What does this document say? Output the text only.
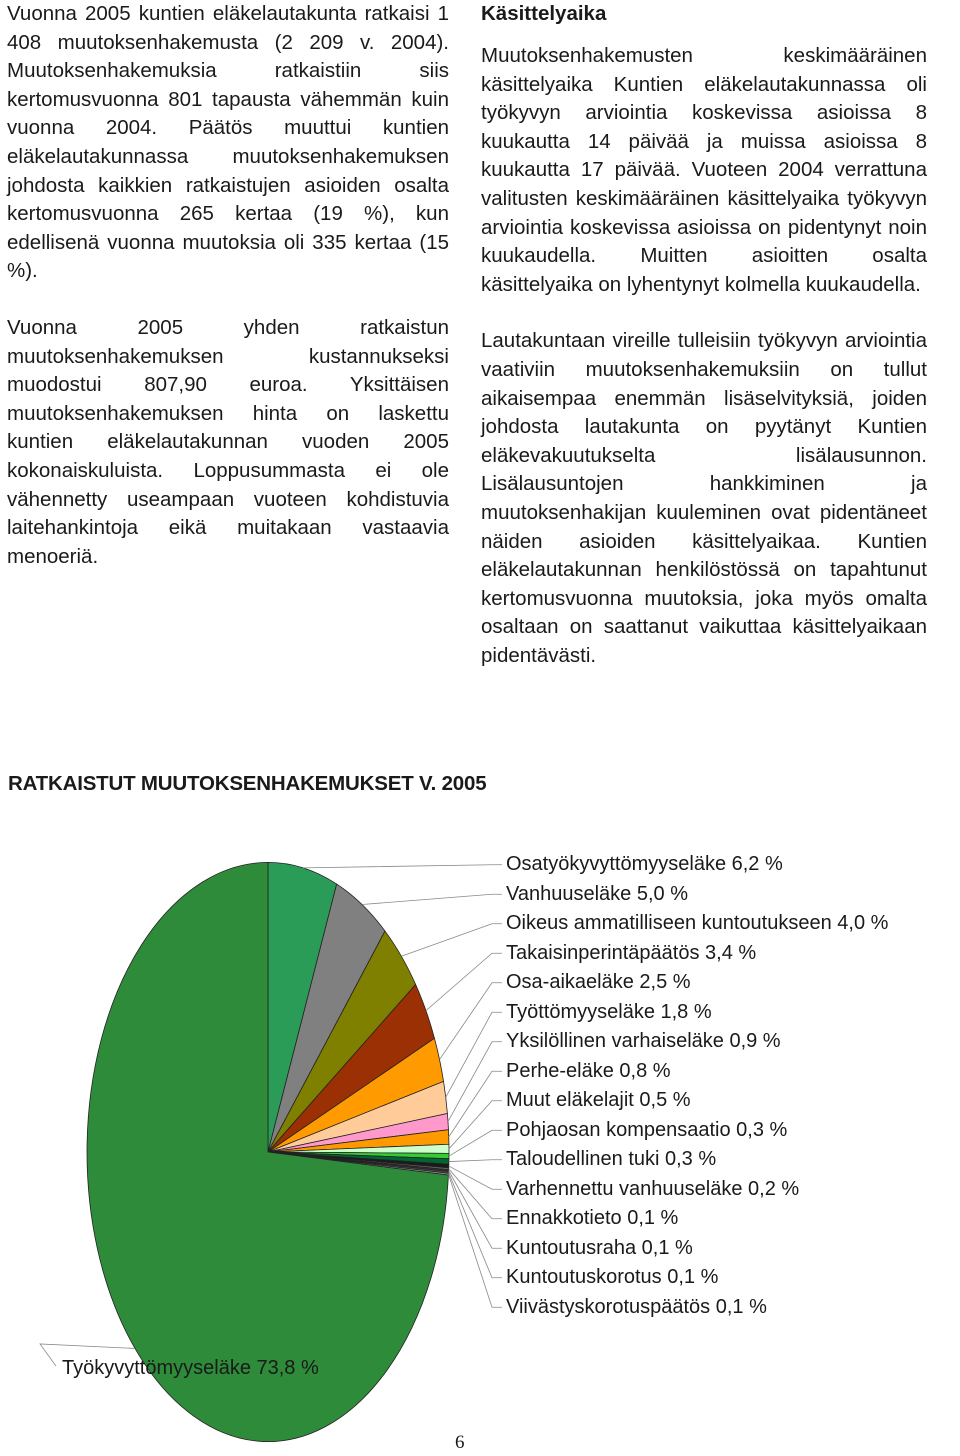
Vuonna 2005 kuntien eläkelautakunta ratkaisi 1 408 muutoksenhakemusta (2 209 v. 2004). Muutoksenhakemuksia ratkaistiin siis kertomusvuonna 801 tapausta vähemmän kuin vuonna 2004. Päätös muuttui kuntien eläkelautakunnassa muutoksenhakemuksen johdosta kaikkien ratkaistujen asioiden osalta kertomusvuonna 265 kertaa (19 %), kun edellisenä vuonna muutoksia oli 335 kertaa (15 %).

Vuonna 2005 yhden ratkaistun muutoksenhakemuksen kustannukseksi muodostui 807,90 euroa. Yksittäisen muutoksenhakemuksen hinta on laskettu kuntien eläkelautakunnan vuoden 2005 kokonaiskuluista. Loppusummasta ei ole vähennetty useampaan vuoteen kohdistuvia laitehankintoja eikä muitakaan vastaavia menoeriä.

Käsittelyaika

Muutoksenhakemusten keskimääräinen käsittelyaika Kuntien eläkelautakunnassa oli työkyvyn arviointia koskevissa asioissa 8 kuukautta 14 päivää ja muissa asioissa 8 kuukautta 17 päivää. Vuoteen 2004 verrattuna valitusten keskimääräinen käsittelyaika työkyvyn arviointia koskevissa asioissa on pidentynyt noin kuukaudella. Muitten asioitten osalta käsittelyaika on lyhentynyt kolmella kuukaudella.

Lautakuntaan vireille tulleisiin työkyvyn arviointia vaativiin muutoksenhakemuksiin on tullut aikaisempaa enemmän lisäselvityksiä, joiden johdosta lautakunta on pyytänyt Kuntien eläkevakuutukselta lisälausunnon. Lisälausuntojen hankkiminen ja muutoksenhakijan kuuleminen ovat pidentäneet näiden asioiden käsittelyaikaa. Kuntien eläkelautakunnan henkilöstössä on tapahtunut kertomusvuonna muutoksia, joka myös omalta osaltaan on saattanut vaikuttaa käsittelyaikaan pidentävästi.

RATKAISTUT MUUTOKSENHAKEMUKSET V. 2005
Osatyökyvyttömyyseläke 6,2 %
Vanhuuseläke 5,0 %
Oikeus ammatilliseen kuntoutukseen 4,0 %
Takaisinperintäpäätös 3,4 %
Osa-aikaeläke 2,5 %
Työttömyyseläke 1,8 %
Yksilöllinen varhaiseläke 0,9 %
Perhe-eläke 0,8 %
Muut eläkelajit 0,5 %
Pohjaosan kompensaatio 0,3 %
Taloudellinen tuki 0,3 %
Varhennettu vanhuuseläke 0,2 %
Ennakkotieto 0,1 %
Kuntoutusraha 0,1 %
Kuntoutuskorotus 0,1 %
Viivästyskorotuspäätös 0,1 %

Työkyvyttömyyseläke 73,8 %

6
